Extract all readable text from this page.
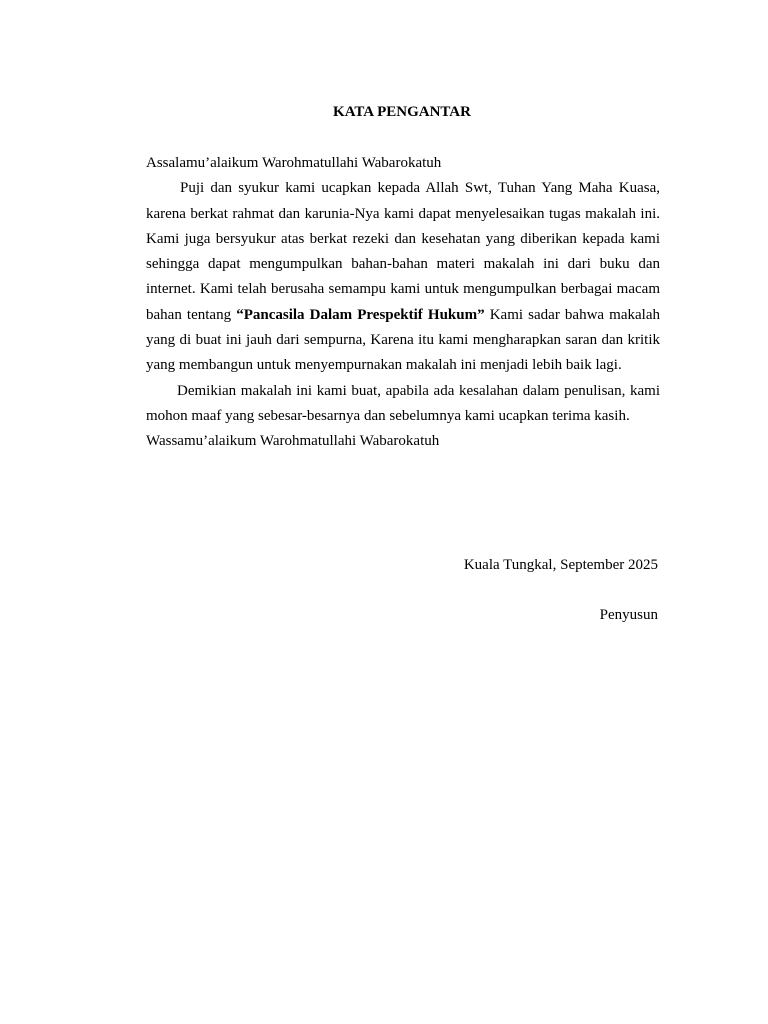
KATA PENGANTAR

Assalamu’alaikum Warohmatullahi Wabarokatuh

Puji dan syukur kami ucapkan kepada Allah Swt, Tuhan Yang Maha Kuasa, karena berkat rahmat dan karunia-Nya kami dapat menyelesaikan tugas makalah ini. Kami juga bersyukur atas berkat rezeki dan kesehatan yang diberikan kepada kami sehingga dapat mengumpulkan bahan-bahan materi makalah ini dari buku dan internet. Kami telah berusaha semampu kami untuk mengumpulkan berbagai macam bahan tentang “Pancasila Dalam Prespektif Hukum” Kami sadar bahwa makalah yang di buat ini jauh dari sempurna, Karena itu kami mengharapkan saran dan kritik yang membangun untuk menyempurnakan makalah ini menjadi lebih baik lagi.

Demikian makalah ini kami buat, apabila ada kesalahan dalam penulisan, kami mohon maaf yang sebesar-besarnya dan sebelumnya kami ucapkan terima kasih.

Wassamu’alaikum Warohmatullahi Wabarokatuh

Kuala Tungkal, September 2025
Penyusun
